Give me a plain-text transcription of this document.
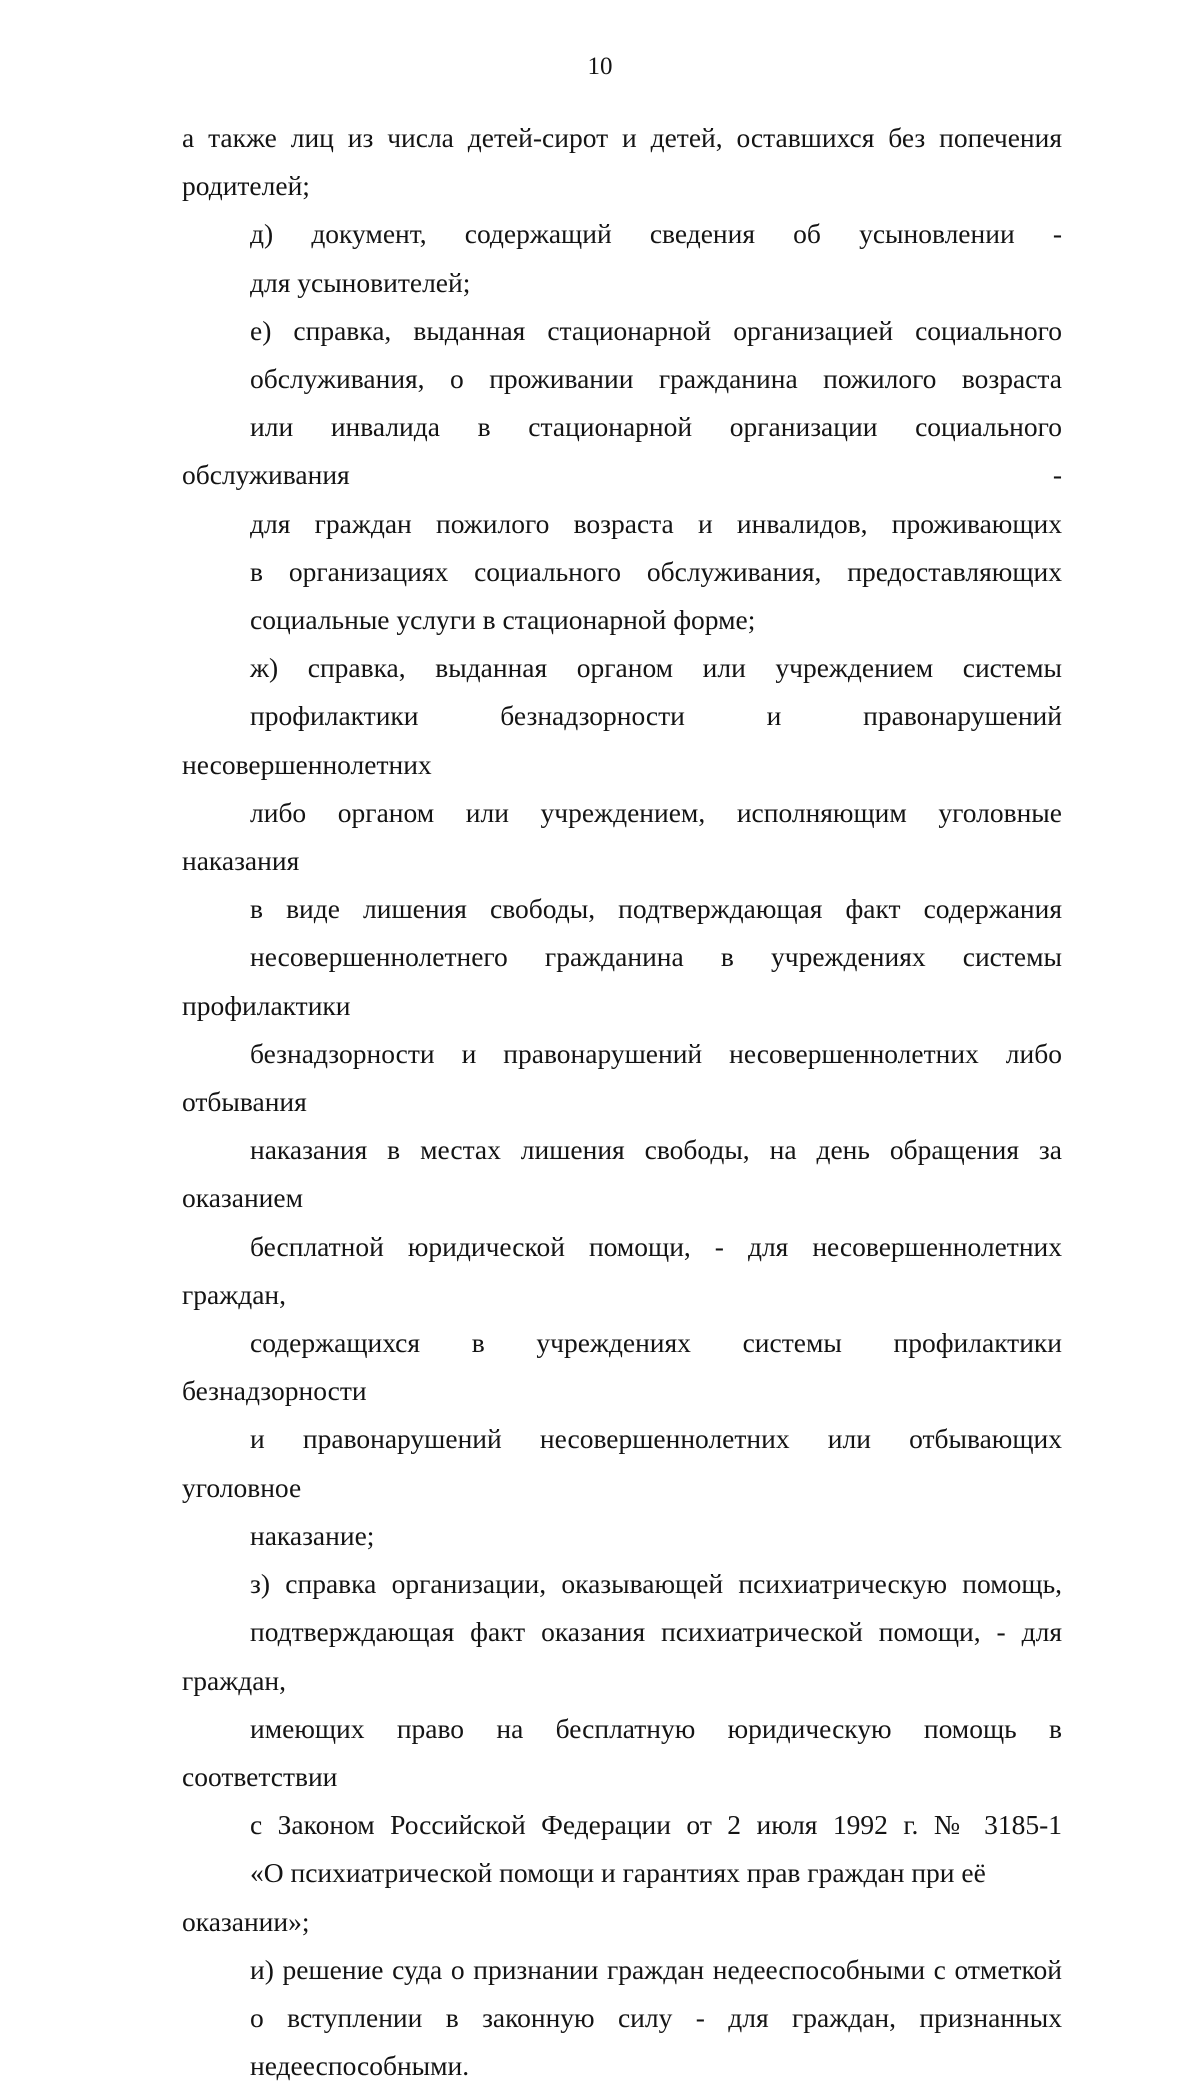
10

а также лиц из числа детей-сирот и детей, оставшихся без попечения
родителей;

д) документ, содержащий сведения об усыновлении -
для усыновителей;

е) справка, выданная стационарной организацией социального
обслуживания, о проживании гражданина пожилого возраста
или инвалида в стационарной организации социального обслуживания -
для граждан пожилого возраста и инвалидов, проживающих
в организациях социального обслуживания, предоставляющих
социальные услуги в стационарной форме;

ж) справка, выданная органом или учреждением системы
профилактики безнадзорности и правонарушений несовершеннолетних
либо органом или учреждением, исполняющим уголовные наказания
в виде лишения свободы, подтверждающая факт содержания
несовершеннолетнего гражданина в учреждениях системы профилактики
безнадзорности и правонарушений несовершеннолетних либо отбывания
наказания в местах лишения свободы, на день обращения за оказанием
бесплатной юридической помощи, - для несовершеннолетних граждан,
содержащихся в учреждениях системы профилактики безнадзорности
и правонарушений несовершеннолетних или отбывающих уголовное
наказание;

з) справка организации, оказывающей психиатрическую помощь,
подтверждающая факт оказания психиатрической помощи, - для граждан,
имеющих право на бесплатную юридическую помощь в соответствии
с Законом Российской Федерации от 2 июля 1992 г. № 3185-1
«О психиатрической помощи и гарантиях прав граждан при её оказании»;

и) решение суда о признании граждан недееспособными с отметкой
о вступлении в законную силу - для граждан, признанных
недееспособными.
